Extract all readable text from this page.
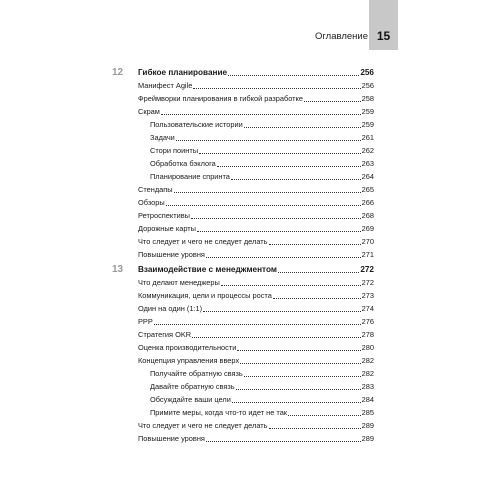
Оглавление 15
12	Гибкое планирование	256
Манифест Agile	256
Фреймворки планирования в гибкой разработке	258
Скрам	259
Пользовательские истории	259
Задачи	261
Стори поинты	262
Обработка бэклога	263
Планирование спринта	264
Стендапы	265
Обзоры	266
Ретроспективы	268
Дорожные карты	269
Что следует и чего не следует делать	270
Повышение уровня	271
13	Взаимодействие с менеджментом	272
Что делают менеджеры	272
Коммуникация, цели и процессы роста	273
Один на один (1:1)	274
PPP	276
Стратегия OKR	278
Оценка производительности	280
Концепция управления вверх	282
Получайте обратную связь	282
Давайте обратную связь	283
Обсуждайте ваши цели	284
Примите меры, когда что-то идет не так	285
Что следует и чего не следует делать	289
Повышение уровня	289
